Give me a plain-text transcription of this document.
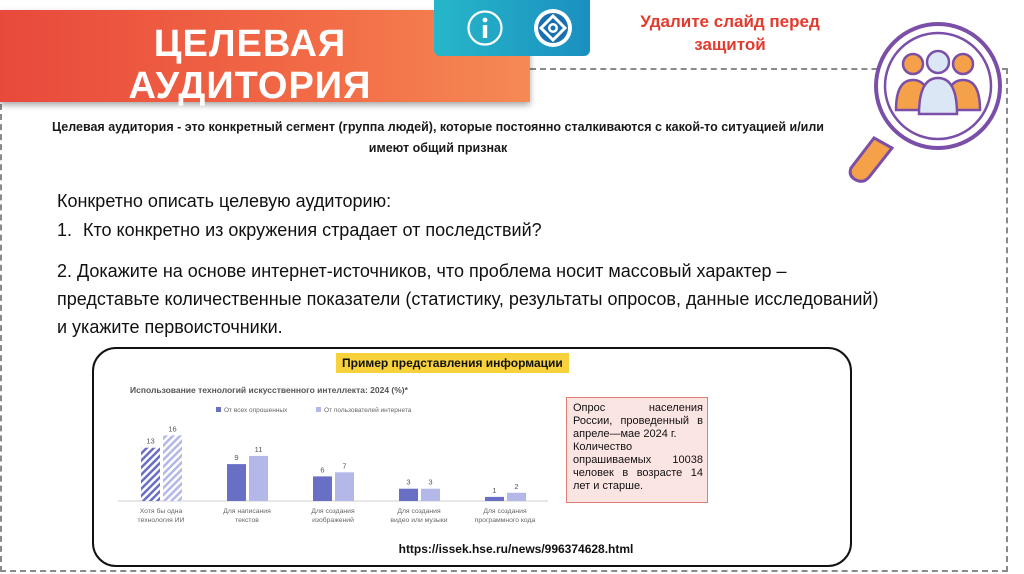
ЦЕЛЕВАЯ
АУДИТОРИЯ
Удалите слайд перед защитой
Целевая аудитория - это конкретный сегмент (группа людей), которые постоянно сталкиваются с какой-то ситуацией и/или имеют общий признак
Конкретно описать целевую аудиторию:
1. Кто конкретно из окружения страдает от последствий?
2. Докажите на основе интернет-источников, что проблема носит массовый характер – представьте количественные показатели (статистику, результаты опросов, данные исследований) и укажите первоисточники.
Пример представления информации
Использование технологий искусственного интеллекта: 2024 (%)*
От всех опрошенных	От пользователей интернета
13
16
Хотя бы одна
технология ИИ
9
11
Для написания
текстов
6 7
Для создания
изображений
3 3
Для создания
видео или музыки
1 2
Для создания
программного кода
Опрос населения России, проведенный в апреле—мае 2024 г.
Количество опрашиваемых 10038 человек в возрасте 14 лет и старше.
https://issek.hse.ru/news/996374628.html
